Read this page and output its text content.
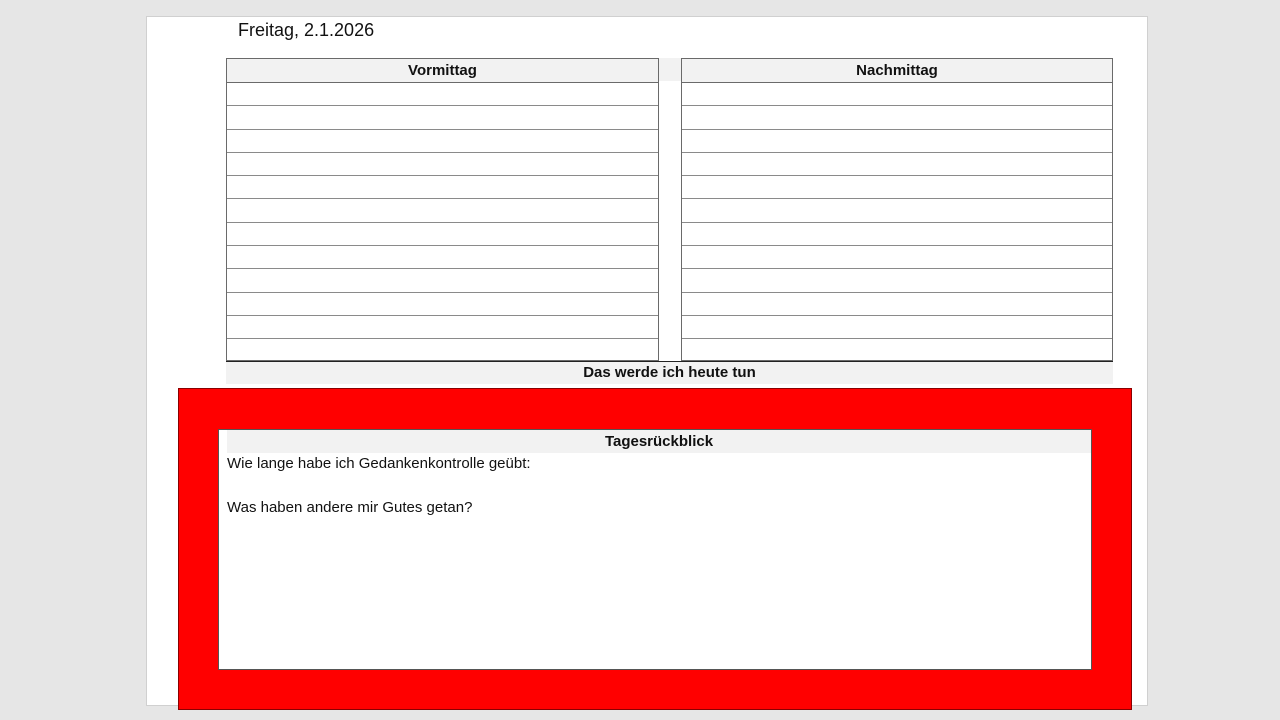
Freitag, 2.1.2026
Vormittag	Nachmittag
Das werde ich heute tun
Tagesrückblick
Wie lange habe ich Gedankenkontrolle geübt:
Was haben andere mir Gutes getan?
